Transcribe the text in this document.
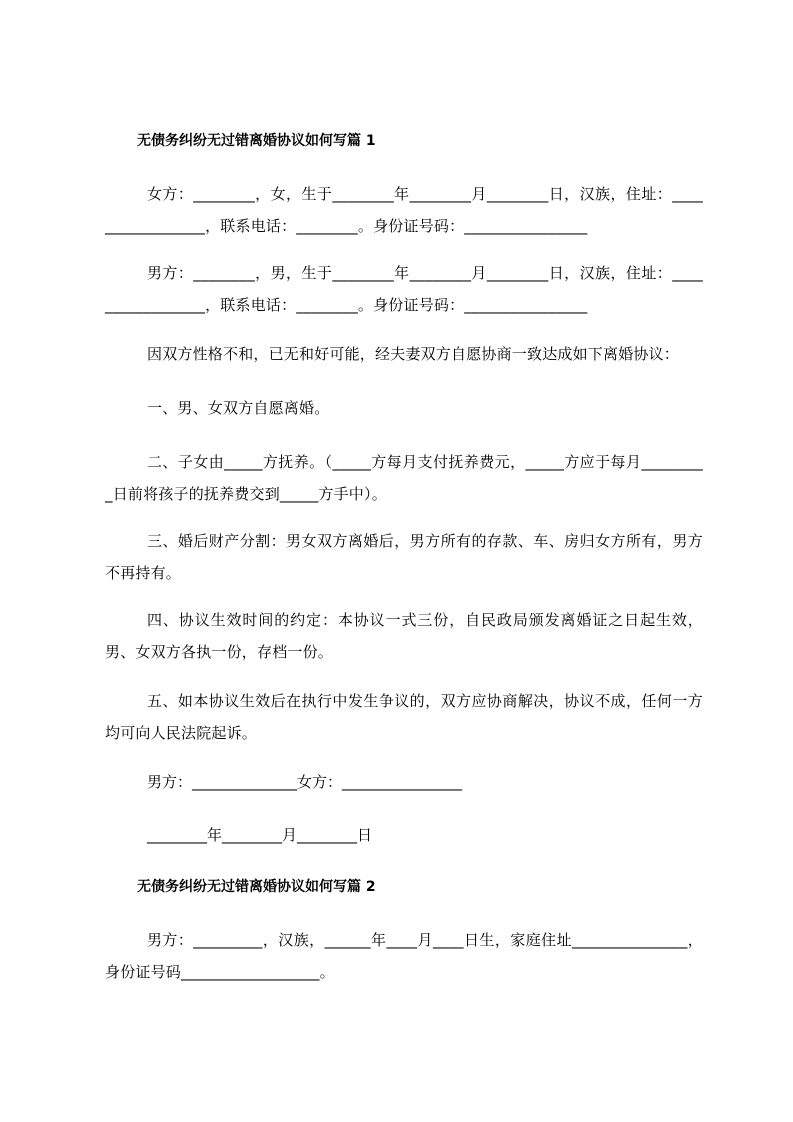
无债务纠纷无过错离婚协议如何写篇 1
女方：________，女，生于________年________月________日，汉族，住址：_________________，联系电话：________。身份证号码：________________
男方：________，男，生于________年________月________日，汉族，住址：_________________，联系电话：________。身份证号码：________________
因双方性格不和，已无和好可能，经夫妻双方自愿协商一致达成如下离婚协议：
一、男、女双方自愿离婚。
二、子女由_____方抚养。（_____方每月支付抚养费元，_____方应于每月_________日前将孩子的抚养费交到_____方手中）。
三、婚后财产分割：男女双方离婚后，男方所有的存款、车、房归女方所有，男方不再持有。
四、协议生效时间的约定：本协议一式三份，自民政局颁发离婚证之日起生效，男、女双方各执一份，存档一份。
五、如本协议生效后在执行中发生争议的，双方应协商解决，协议不成，任何一方均可向人民法院起诉。
男方：______________女方：________________
________年________月________日
无债务纠纷无过错离婚协议如何写篇 2
男方：_________，汉族，______年____月____日生，家庭住址_______________，身份证号码__________________。
